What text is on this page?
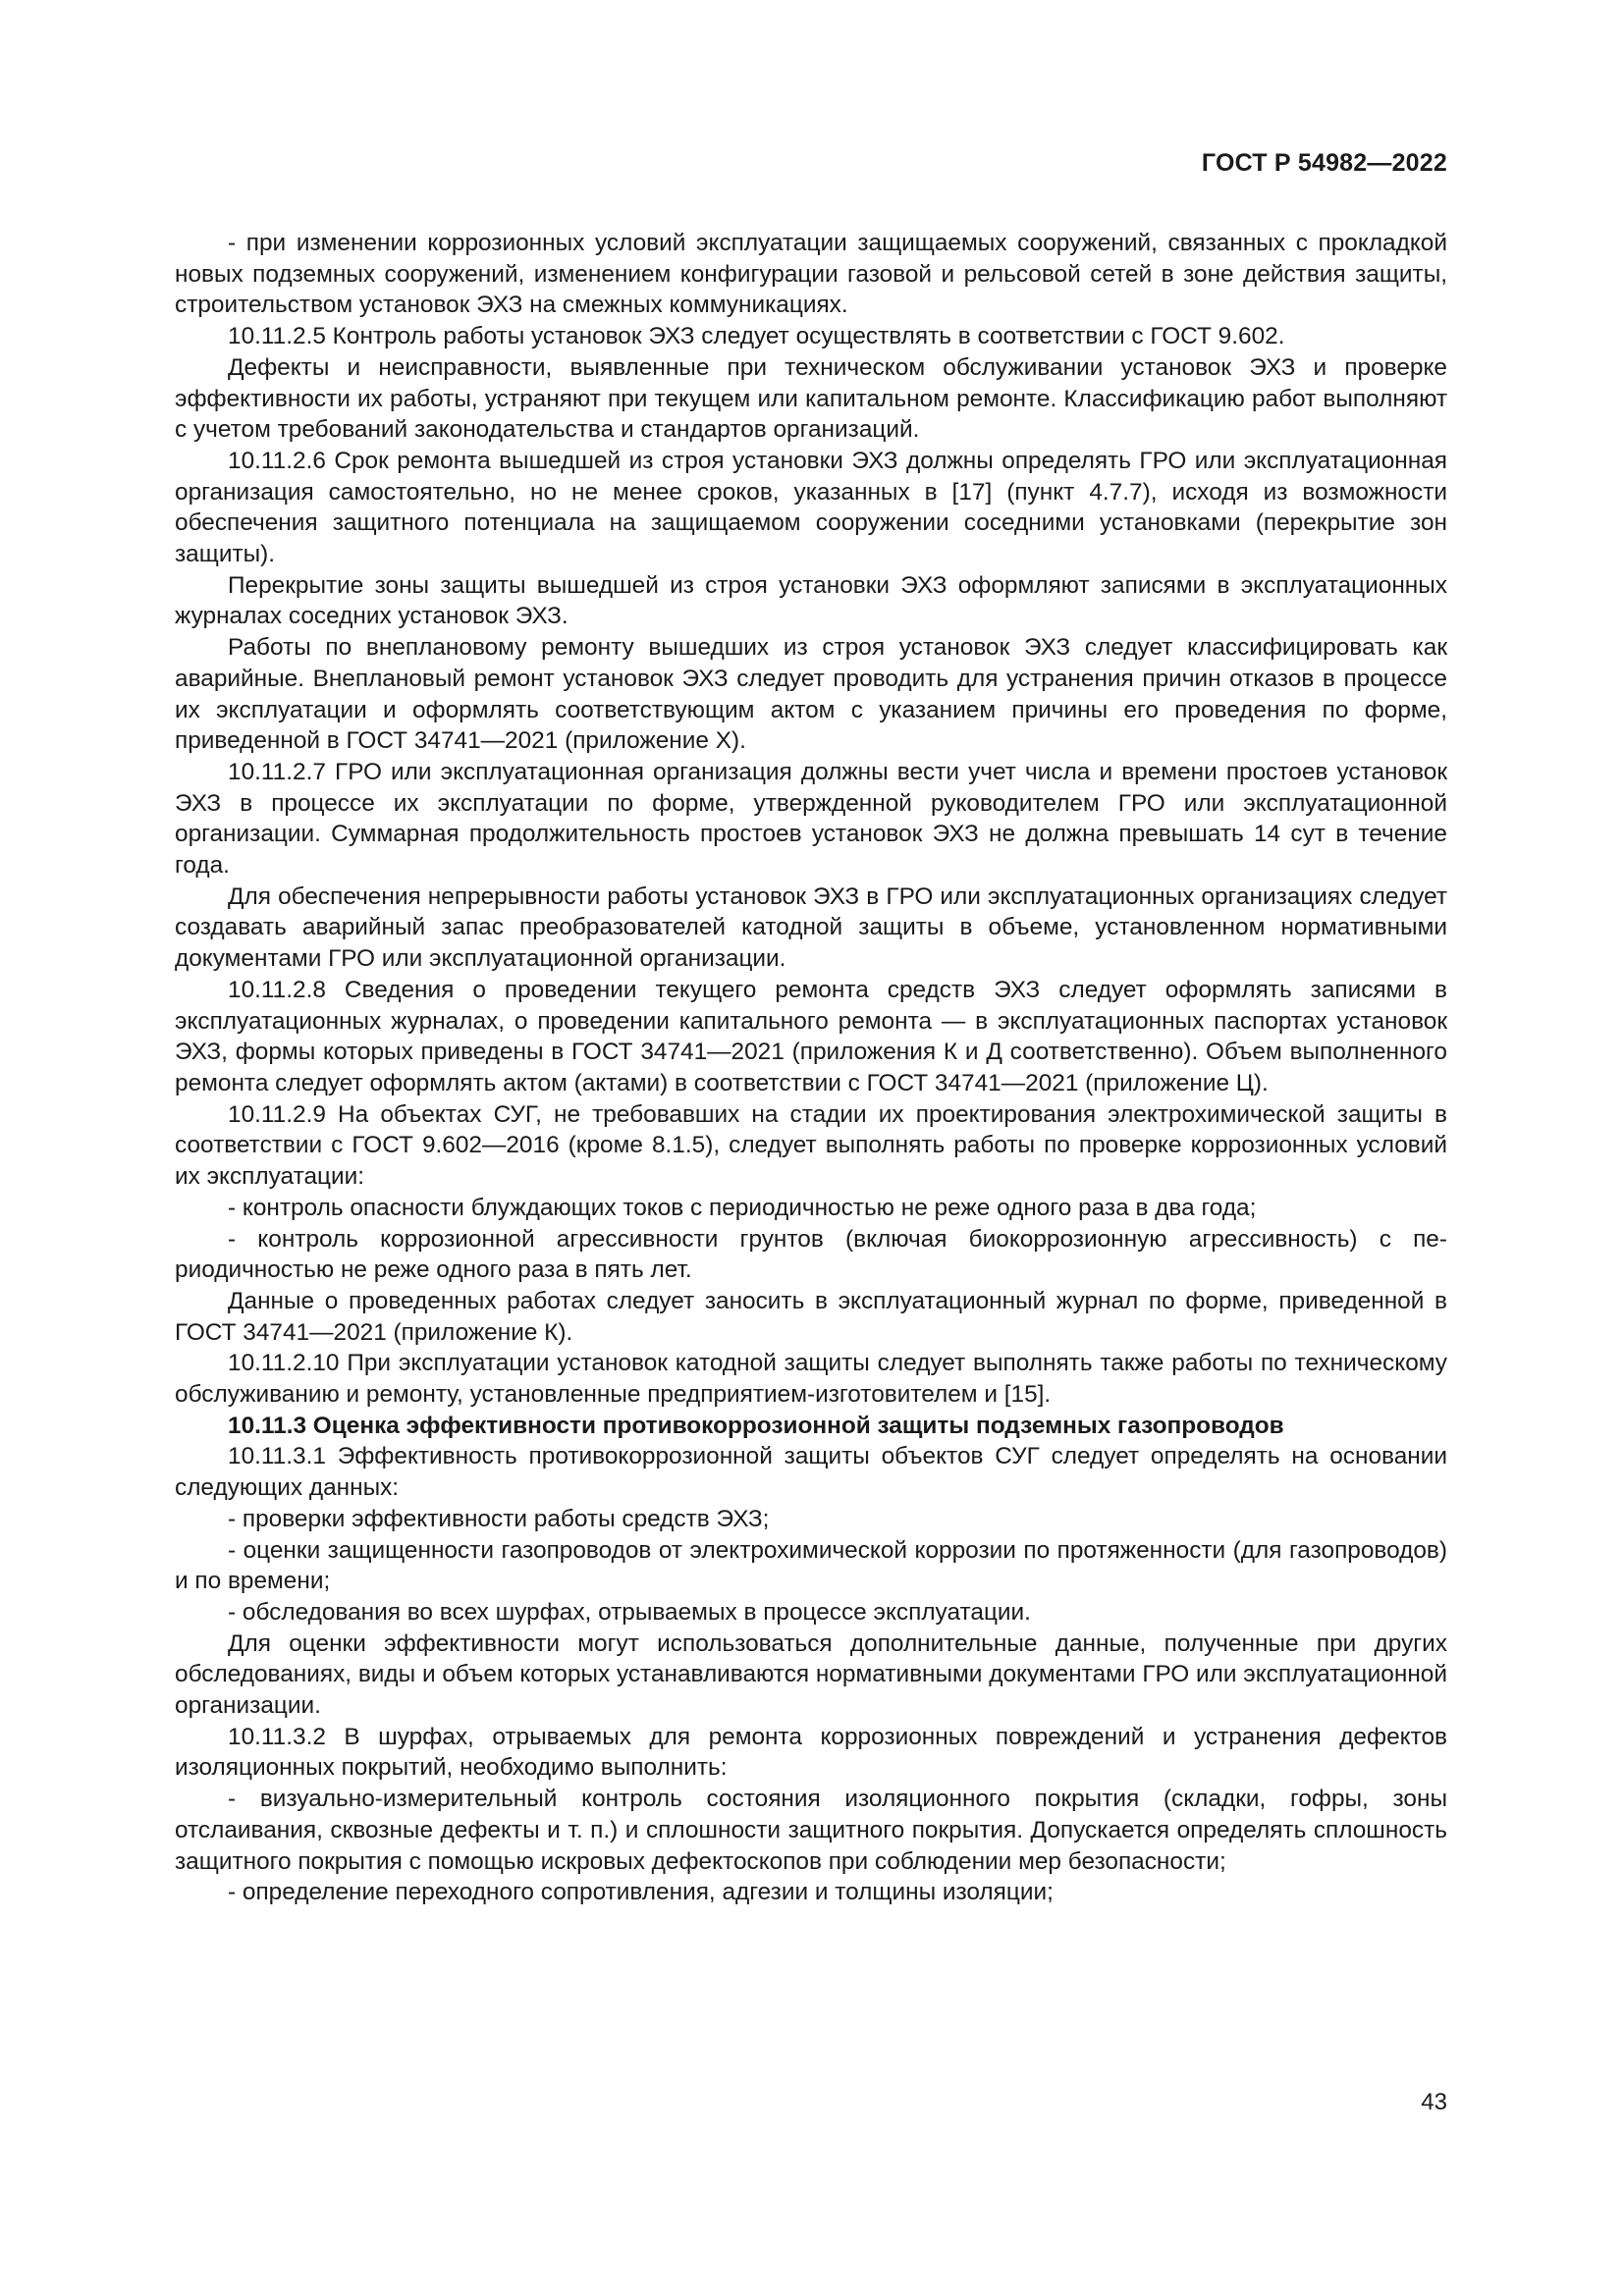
ГОСТ Р 54982—2022

- при изменении коррозионных условий эксплуатации защищаемых сооружений, связанных с прокладкой новых подземных сооружений, изменением конфигурации газовой и рельсовой сетей в зоне действия защиты, строительством установок ЭХЗ на смежных коммуникациях.

10.11.2.5 Контроль работы установок ЭХЗ следует осуществлять в соответствии с ГОСТ 9.602.

Дефекты и неисправности, выявленные при техническом обслуживании установок ЭХЗ и проверке эффективности их работы, устраняют при текущем или капитальном ремонте. Классификацию работ выполняют с учетом требований законодательства и стандартов организаций.

10.11.2.6 Срок ремонта вышедшей из строя установки ЭХЗ должны определять ГРО или эксплуатационная организация самостоятельно, но не менее сроков, указанных в [17] (пункт 4.7.7), исходя из возможности обеспечения защитного потенциала на защищаемом сооружении соседними установками (перекрытие зон защиты).

Перекрытие зоны защиты вышедшей из строя установки ЭХЗ оформляют записями в эксплуатационных журналах соседних установок ЭХЗ.

Работы по внеплановому ремонту вышедших из строя установок ЭХЗ следует классифицировать как аварийные. Внеплановый ремонт установок ЭХЗ следует проводить для устранения причин отказов в процессе их эксплуатации и оформлять соответствующим актом с указанием причины его проведения по форме, приведенной в ГОСТ 34741—2021 (приложение Х).

10.11.2.7 ГРО или эксплуатационная организация должны вести учет числа и времени простоев установок ЭХЗ в процессе их эксплуатации по форме, утвержденной руководителем ГРО или эксплуатационной организации. Суммарная продолжительность простоев установок ЭХЗ не должна превышать 14 сут в течение года.

Для обеспечения непрерывности работы установок ЭХЗ в ГРО или эксплуатационных организациях следует создавать аварийный запас преобразователей катодной защиты в объеме, установленном нормативными документами ГРО или эксплуатационной организации.

10.11.2.8 Сведения о проведении текущего ремонта средств ЭХЗ следует оформлять записями в эксплуатационных журналах, о проведении капитального ремонта — в эксплуатационных паспортах установок ЭХЗ, формы которых приведены в ГОСТ 34741—2021 (приложения К и Д соответственно). Объем выполненного ремонта следует оформлять актом (актами) в соответствии с ГОСТ 34741—2021 (приложение Ц).

10.11.2.9 На объектах СУГ, не требовавших на стадии их проектирования электрохимической защиты в соответствии с ГОСТ 9.602—2016 (кроме 8.1.5), следует выполнять работы по проверке коррозионных условий их эксплуатации:

- контроль опасности блуждающих токов с периодичностью не реже одного раза в два года;

- контроль коррозионной агрессивности грунтов (включая биокоррозионную агрессивность) с периодичностью не реже одного раза в пять лет.

Данные о проведенных работах следует заносить в эксплуатационный журнал по форме, приведенной в ГОСТ 34741—2021 (приложение К).

10.11.2.10 При эксплуатации установок катодной защиты следует выполнять также работы по техническому обслуживанию и ремонту, установленные предприятием-изготовителем и [15].

10.11.3 Оценка эффективности противокоррозионной защиты подземных газопроводов

10.11.3.1 Эффективность противокоррозионной защиты объектов СУГ следует определять на основании следующих данных:

- проверки эффективности работы средств ЭХЗ;

- оценки защищенности газопроводов от электрохимической коррозии по протяженности (для газопроводов) и по времени;

- обследования во всех шурфах, отрываемых в процессе эксплуатации.

Для оценки эффективности могут использоваться дополнительные данные, полученные при других обследованиях, виды и объем которых устанавливаются нормативными документами ГРО или эксплуатационной организации.

10.11.3.2 В шурфах, отрываемых для ремонта коррозионных повреждений и устранения дефектов изоляционных покрытий, необходимо выполнить:

- визуально-измерительный контроль состояния изоляционного покрытия (складки, гофры, зоны отслаивания, сквозные дефекты и т. п.) и сплошности защитного покрытия. Допускается определять сплошность защитного покрытия с помощью искровых дефектоскопов при соблюдении мер безопасности;

- определение переходного сопротивления, адгезии и толщины изоляции;

43
